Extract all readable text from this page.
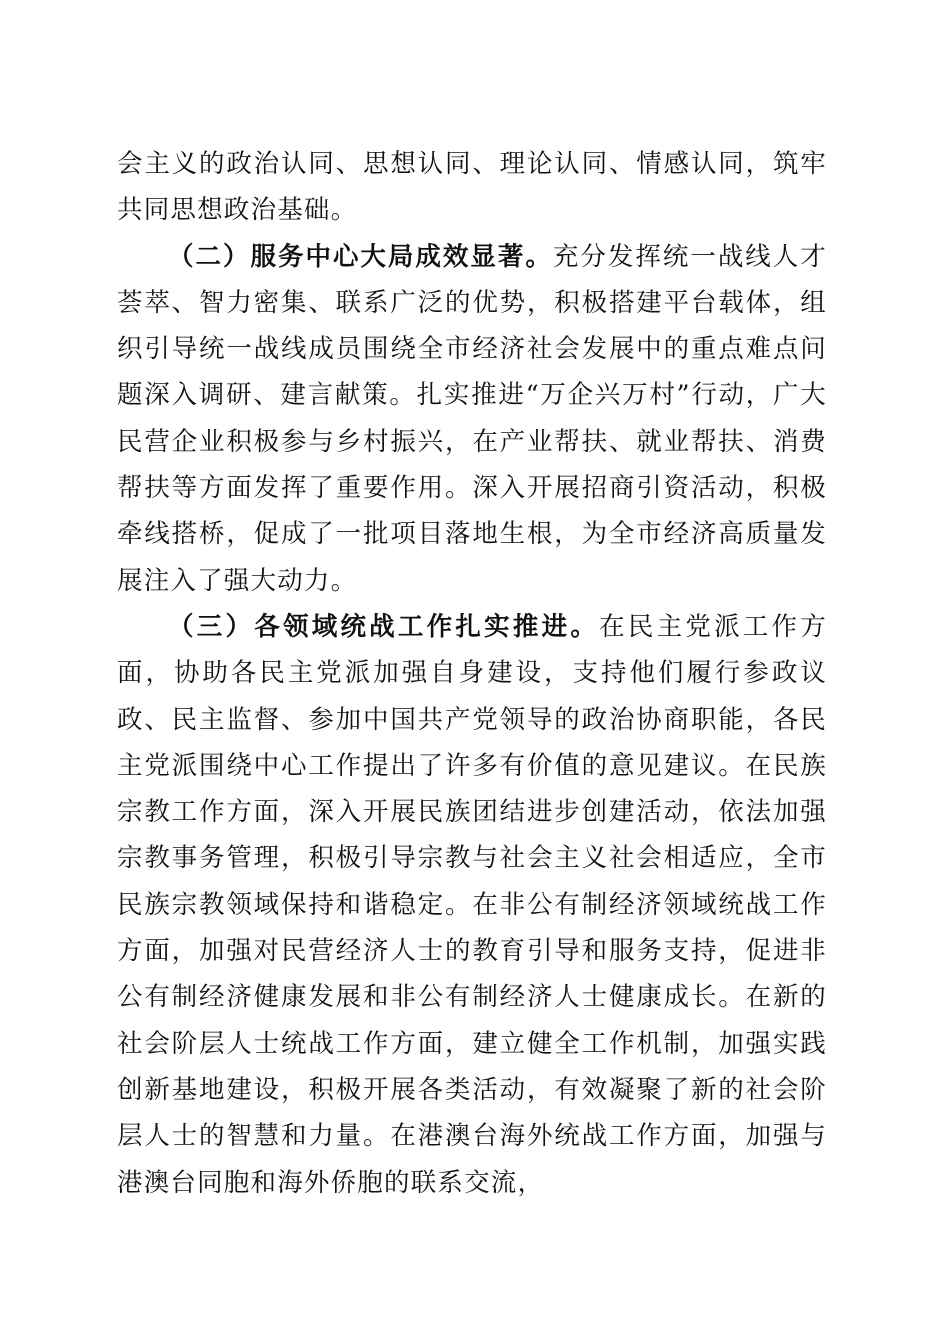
会主义的政治认同、思想认同、理论认同、情感认同，筑牢共同思想政治基础。

（二）服务中心大局成效显著。充分发挥统一战线人才荟萃、智力密集、联系广泛的优势，积极搭建平台载体，组织引导统一战线成员围绕全市经济社会发展中的重点难点问题深入调研、建言献策。扎实推进“万企兴万村”行动，广大民营企业积极参与乡村振兴，在产业帮扶、就业帮扶、消费帮扶等方面发挥了重要作用。深入开展招商引资活动，积极牵线搭桥，促成了一批项目落地生根，为全市经济高质量发展注入了强大动力。

（三）各领域统战工作扎实推进。在民主党派工作方面，协助各民主党派加强自身建设，支持他们履行参政议政、民主监督、参加中国共产党领导的政治协商职能，各民主党派围绕中心工作提出了许多有价值的意见建议。在民族宗教工作方面，深入开展民族团结进步创建活动，依法加强宗教事务管理，积极引导宗教与社会主义社会相适应，全市民族宗教领域保持和谐稳定。在非公有制经济领域统战工作方面，加强对民营经济人士的教育引导和服务支持，促进非公有制经济健康发展和非公有制经济人士健康成长。在新的社会阶层人士统战工作方面，建立健全工作机制，加强实践创新基地建设，积极开展各类活动，有效凝聚了新的社会阶层人士的智慧和力量。在港澳台海外统战工作方面，加强与港澳台同胞和海外侨胞的联系交流，
